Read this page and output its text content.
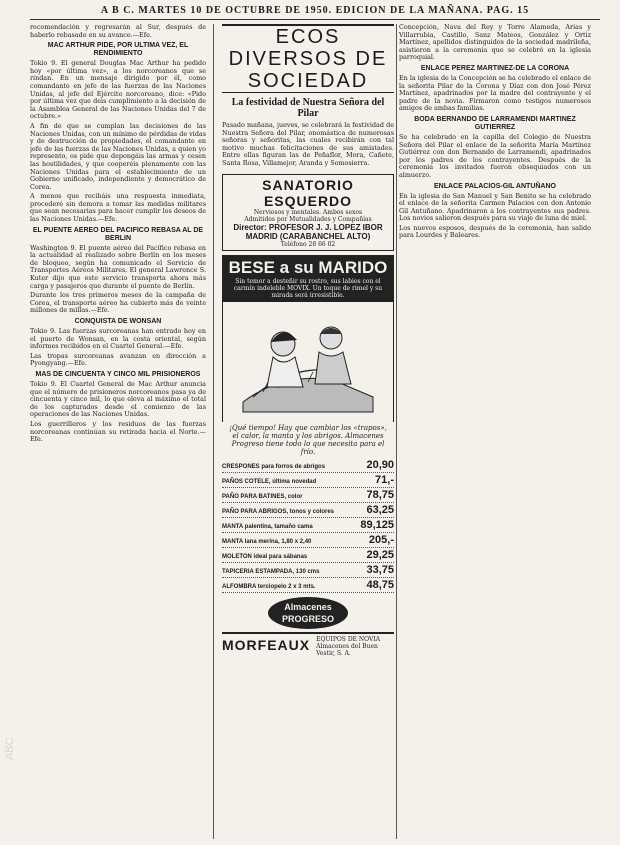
A B C. MARTES 10 DE OCTUBRE DE 1950. EDICION DE LA MAÑANA. PAG. 15
ABC

recomendación y regresarán al Sur, después de haberlo rebasado en su avance.—Efe.

MAC ARTHUR PIDE, POR ULTIMA VEZ, EL RENDIMIENTO

Tokio 9. El general Douglas Mac Arthur ha pedido hoy «por última vez», a los norcoreanos que se rindan. En un mensaje dirigido por él, como comandante en jefe de las fuerzas de las Naciones Unidas, al jefe del Ejército norcoreano, dice: «Pido por última vez que deis cumplimiento a la decisión de la Asamblea General de las Naciones Unidas del 7 de octubre.»

A fin de que se cumplan las decisiones de las Naciones Unidas, con un mínimo de pérdidas de vidas y de destrucción de propiedades, el comandante en jefe de las fuerzas de las Naciones Unidas, a quien yo represento, os pide que depongáis las armas y cesen las hostilidades, y que cooperéis plenamente con las Naciones Unidas para el establecimiento de un Gobierno unificado, independiente y democrático de Corea.

A menos que recibáis una respuesta inmediata, procederé sin demora a tomar las medidas militares que sean necesarias para hacer cumplir los deseos de las Naciones Unidas.—Efe.

EL PUENTE AEREO DEL PACIFICO REBASA AL DE BERLIN

Washington 9. El puente aéreo del Pacífico rebasa en la actualidad al realizado sobre Berlín en los meses de bloqueo, según ha comunicado el Servicio de Transportes Aéreos Militares. El general Lawrence S. Kuter dijo que este servicio transporta ahora más carga y pasajeros que durante el puente de Berlín.

Durante los tres primeros meses de la campaña de Corea, el transporte aéreo ha cubierto más de veinte millones de millas.—Efe.

CONQUISTA DE WONSAN

Tokio 9. Las fuerzas surcoreanas han entrado hoy en el puerto de Wonsan, en la costa oriental, según informes recibidos en el Cuartel General.—Efe.

Las tropas surcoreanas avanzan en dirección a Pyongyang.—Efe.

MAS DE CINCUENTA Y CINCO MIL PRISIONEROS

Tokio 9. El Cuartel General de Mac Arthur anuncia que el número de prisioneros norcoreanos pasa ya de cincuenta y cinco mil, lo que eleva al máximo el total de los capturados desde el comienzo de las operaciones de las Naciones Unidas.

Los guerrilleros y los residuos de las fuerzas norcoreanas continúan su retirada hacia el Norte.—Efe.

ECOS DIVERSOS DE SOCIEDAD
La festividad de Nuestra Señora del Pilar

Pasado mañana, jueves, se celebrará la festividad de Nuestra Señora del Pilar, onomástica de numerosas señoras y señoritas, las cuales recibirán con tal motivo muchas felicitaciones de sus amistades. Entre ellas figuran las de Peñaflor, Mora, Cañete, Santa Rosa, Villamejor, Aranda y Somosierra.

SANATORIO ESQUERDO
Nerviosos y mentales. Ambos sexos
Admitidos por Mutualidades y Compañías
Director: PROFESOR J. J. LOPEZ IBOR
MADRID (CARABANCHEL ALTO)
Teléfono 28 66 02
BESE a su MARIDO
Sin temor a desteñir su rostro, sus labios con el carmín indeleble MOVIX. Un toque de rimel y su mirada será irresistible.
¡Qué tiempo! Hay que cambiar los «trapos», el calor, la manta y los abrigos. Almacenes Progreso tiene todo lo que necesita para el frío.
CRESPONES para forros de abrigos	20,90
PAÑOS COTELE, última novedad	71,-
PAÑO PARA BATINES, color	78,75
PAÑO PARA ABRIGOS, tonos y colores	63,25
MANTA palentina, tamaño cama	89,125
MANTA lana merina, 1,80 x 2,40	205,-
MOLETON ideal para sábanas	29,25
TAPICERIA ESTAMPADA, 130 cms	33,75
ALFOMBRA terciopelo 2 x 3 mts.	48,75
Almacenes PROGRESO
MORFEAUX EQUIPOS DE NOVIA Almacenes del Buen Vestir, S. A.

Concepción, Nava del Rey y Torre Alameda, Arias y Villarrubia, Castillo, Sanz Mateos, González y Ortiz Martínez, apellidos distinguidos de la sociedad madrileña, asistieron a la ceremonia que se celebró en la iglesia parroquial.

ENLACE PEREZ MARTINEZ-DE LA CORONA

En la iglesia de la Concepción se ha celebrado el enlace de la señorita Pilar de la Corona y Díaz con don José Pérez Martínez, apadrinados por la madre del contrayente y el padre de la novia. Firmaron como testigos numerosos amigos de ambas familias.

BODA BERNANDO DE LARRAMENDI MARTINEZ GUTIERREZ

Se ha celebrado en la capilla del Colegio de Nuestra Señora del Pilar el enlace de la señorita María Martínez Gutiérrez con don Bernando de Larramendi, apadrinados por los padres de los contrayentes. Después de la ceremonia los invitados fueron obsequiados con un almuerzo.

ENLACE PALACIOS-GIL ANTUÑANO

En la iglesia de San Manuel y San Benito se ha celebrado el enlace de la señorita Carmen Palacios con don Antonio Gil Antuñano. Apadrinaron a los contrayentes sus padres. Los novios salieron después para su viaje de luna de miel.

Los nuevos esposos, después de la ceremonia, han salido para Lourdes y Baleares.
